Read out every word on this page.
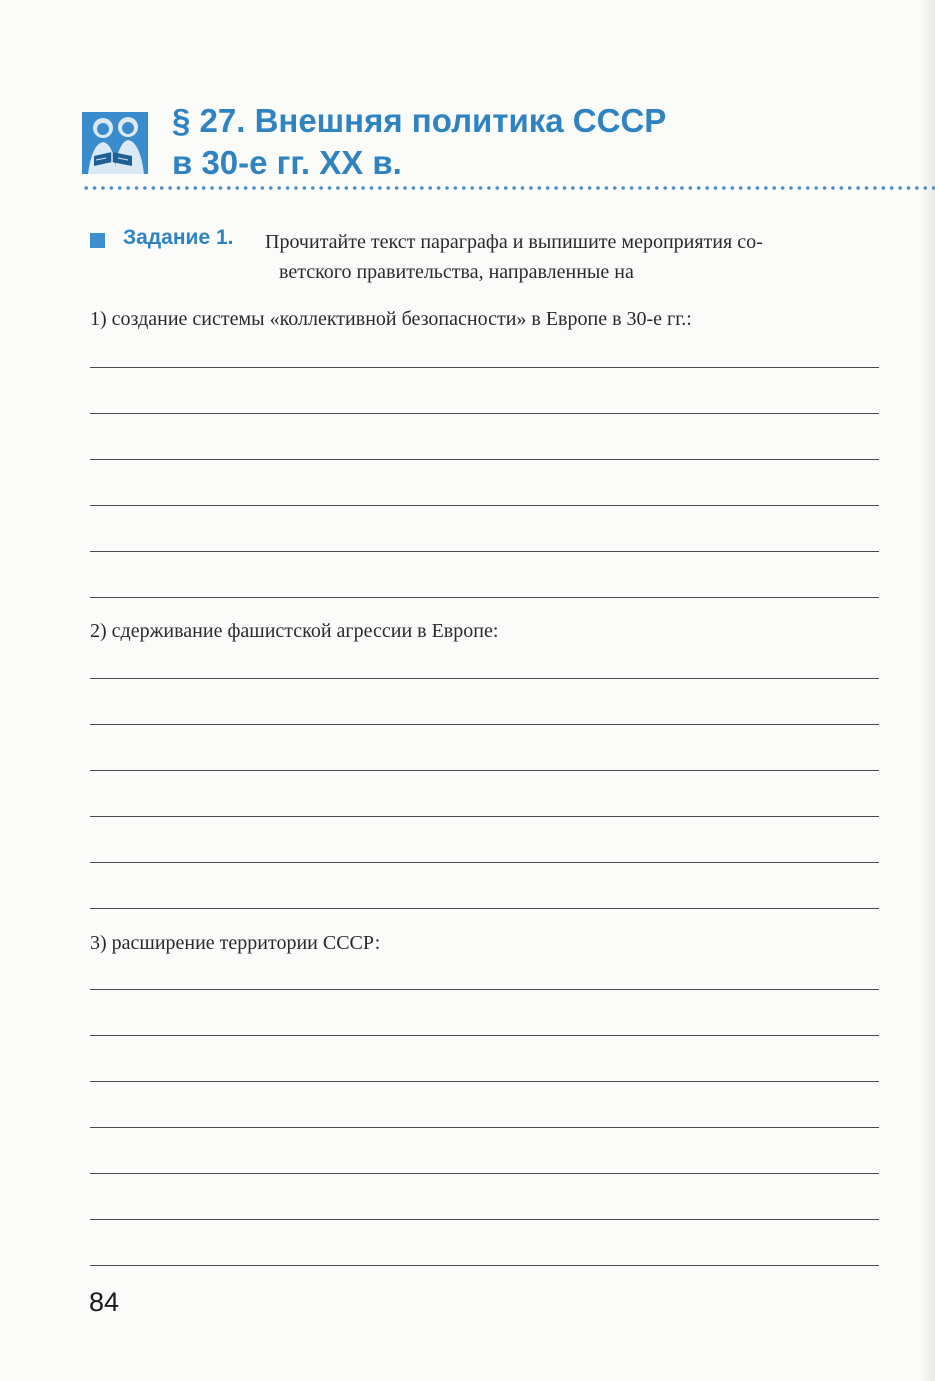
§ 27. Внешняя политика СССР
в 30-е гг. XX в.
Задание 1. Прочитайте текст параграфа и выпишите мероприятия со-
ветского правительства, направленные на
1) создание системы «коллективной безопасности» в Европе в 30-е гг.:
2) сдерживание фашистской агрессии в Европе:
3) расширение территории СССР:
84
